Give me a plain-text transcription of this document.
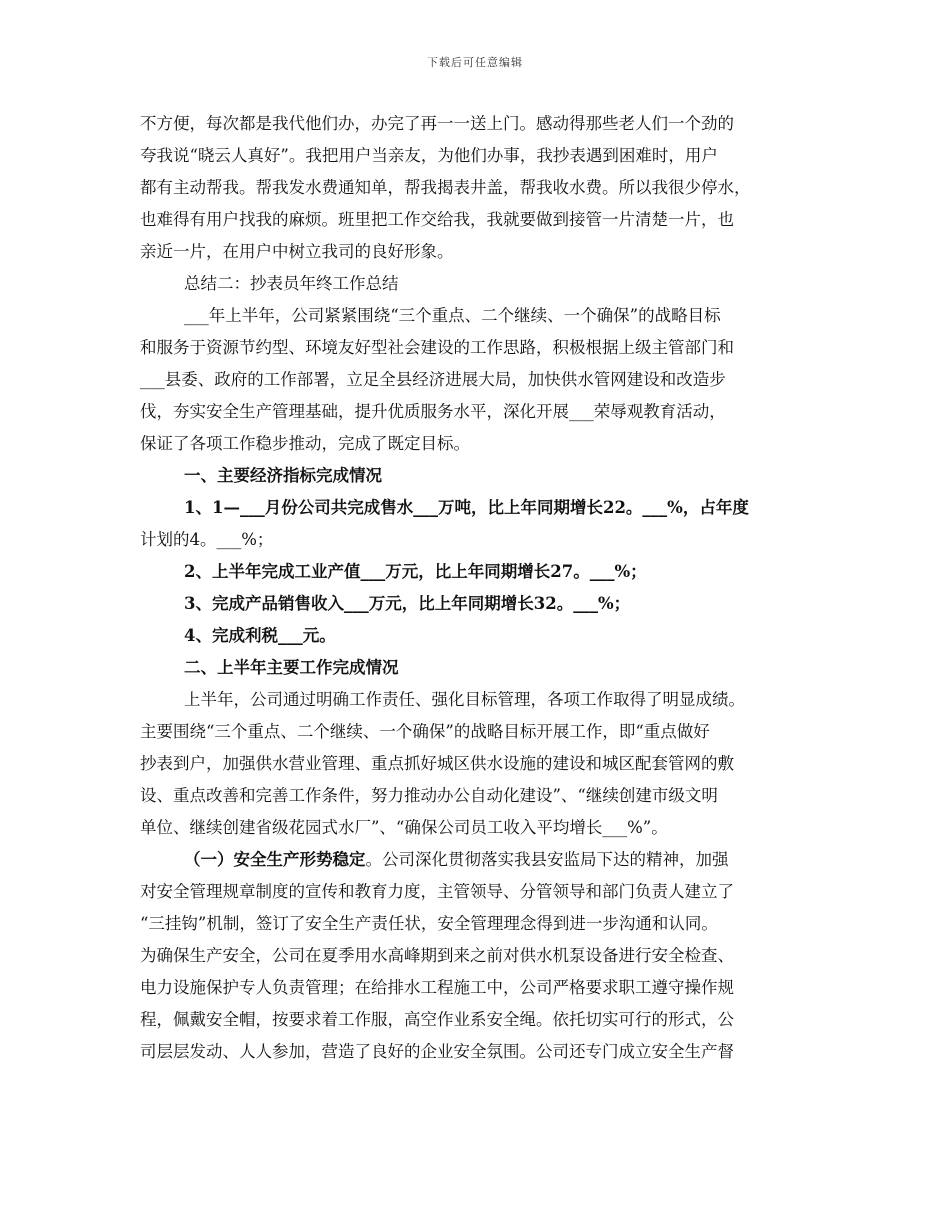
下载后可任意编辑
不方便，每次都是我代他们办，办完了再一一送上门。感动得那些老人们一个劲的
夸我说“晓云人真好”。我把用户当亲友，为他们办事，我抄表遇到困难时，用户
都有主动帮我。帮我发水费通知单，帮我揭表井盖，帮我收水费。所以我很少停水，
也难得有用户找我的麻烦。班里把工作交给我，我就要做到接管一片清楚一片，也
亲近一片，在用户中树立我司的良好形象。
总结二：抄表员年终工作总结
___年上半年，公司紧紧围绕“三个重点、二个继续、一个确保”的战略目标
和服务于资源节约型、环境友好型社会建设的工作思路，积极根据上级主管部门和
___县委、政府的工作部署，立足全县经济进展大局，加快供水管网建设和改造步
伐，夯实安全生产管理基础，提升优质服务水平，深化开展___荣辱观教育活动，
保证了各项工作稳步推动，完成了既定目标。
一、主要经济指标完成情况
1、1—___月份公司共完成售水___万吨，比上年同期增长22。___%，占年度
计划的4。___%；
2、上半年完成工业产值___万元，比上年同期增长27。___%；
3、完成产品销售收入___万元，比上年同期增长32。___%；
4、完成利税___元。
二、上半年主要工作完成情况
上半年，公司通过明确工作责任、强化目标管理，各项工作取得了明显成绩。
主要围绕“三个重点、二个继续、一个确保”的战略目标开展工作，即“重点做好
抄表到户，加强供水营业管理、重点抓好城区供水设施的建设和城区配套管网的敷
设、重点改善和完善工作条件，努力推动办公自动化建设”、“继续创建市级文明
单位、继续创建省级花园式水厂”、“确保公司员工收入平均增长___%”。
（一）安全生产形势稳定。公司深化贯彻落实我县安监局下达的精神，加强
对安全管理规章制度的宣传和教育力度，主管领导、分管领导和部门负责人建立了
“三挂钩”机制，签订了安全生产责任状，安全管理理念得到进一步沟通和认同。
为确保生产安全，公司在夏季用水高峰期到来之前对供水机泵设备进行安全检查、
电力设施保护专人负责管理；在给排水工程施工中，公司严格要求职工遵守操作规
程，佩戴安全帽，按要求着工作服，高空作业系安全绳。依托切实可行的形式，公
司层层发动、人人参加，营造了良好的企业安全氛围。公司还专门成立安全生产督
